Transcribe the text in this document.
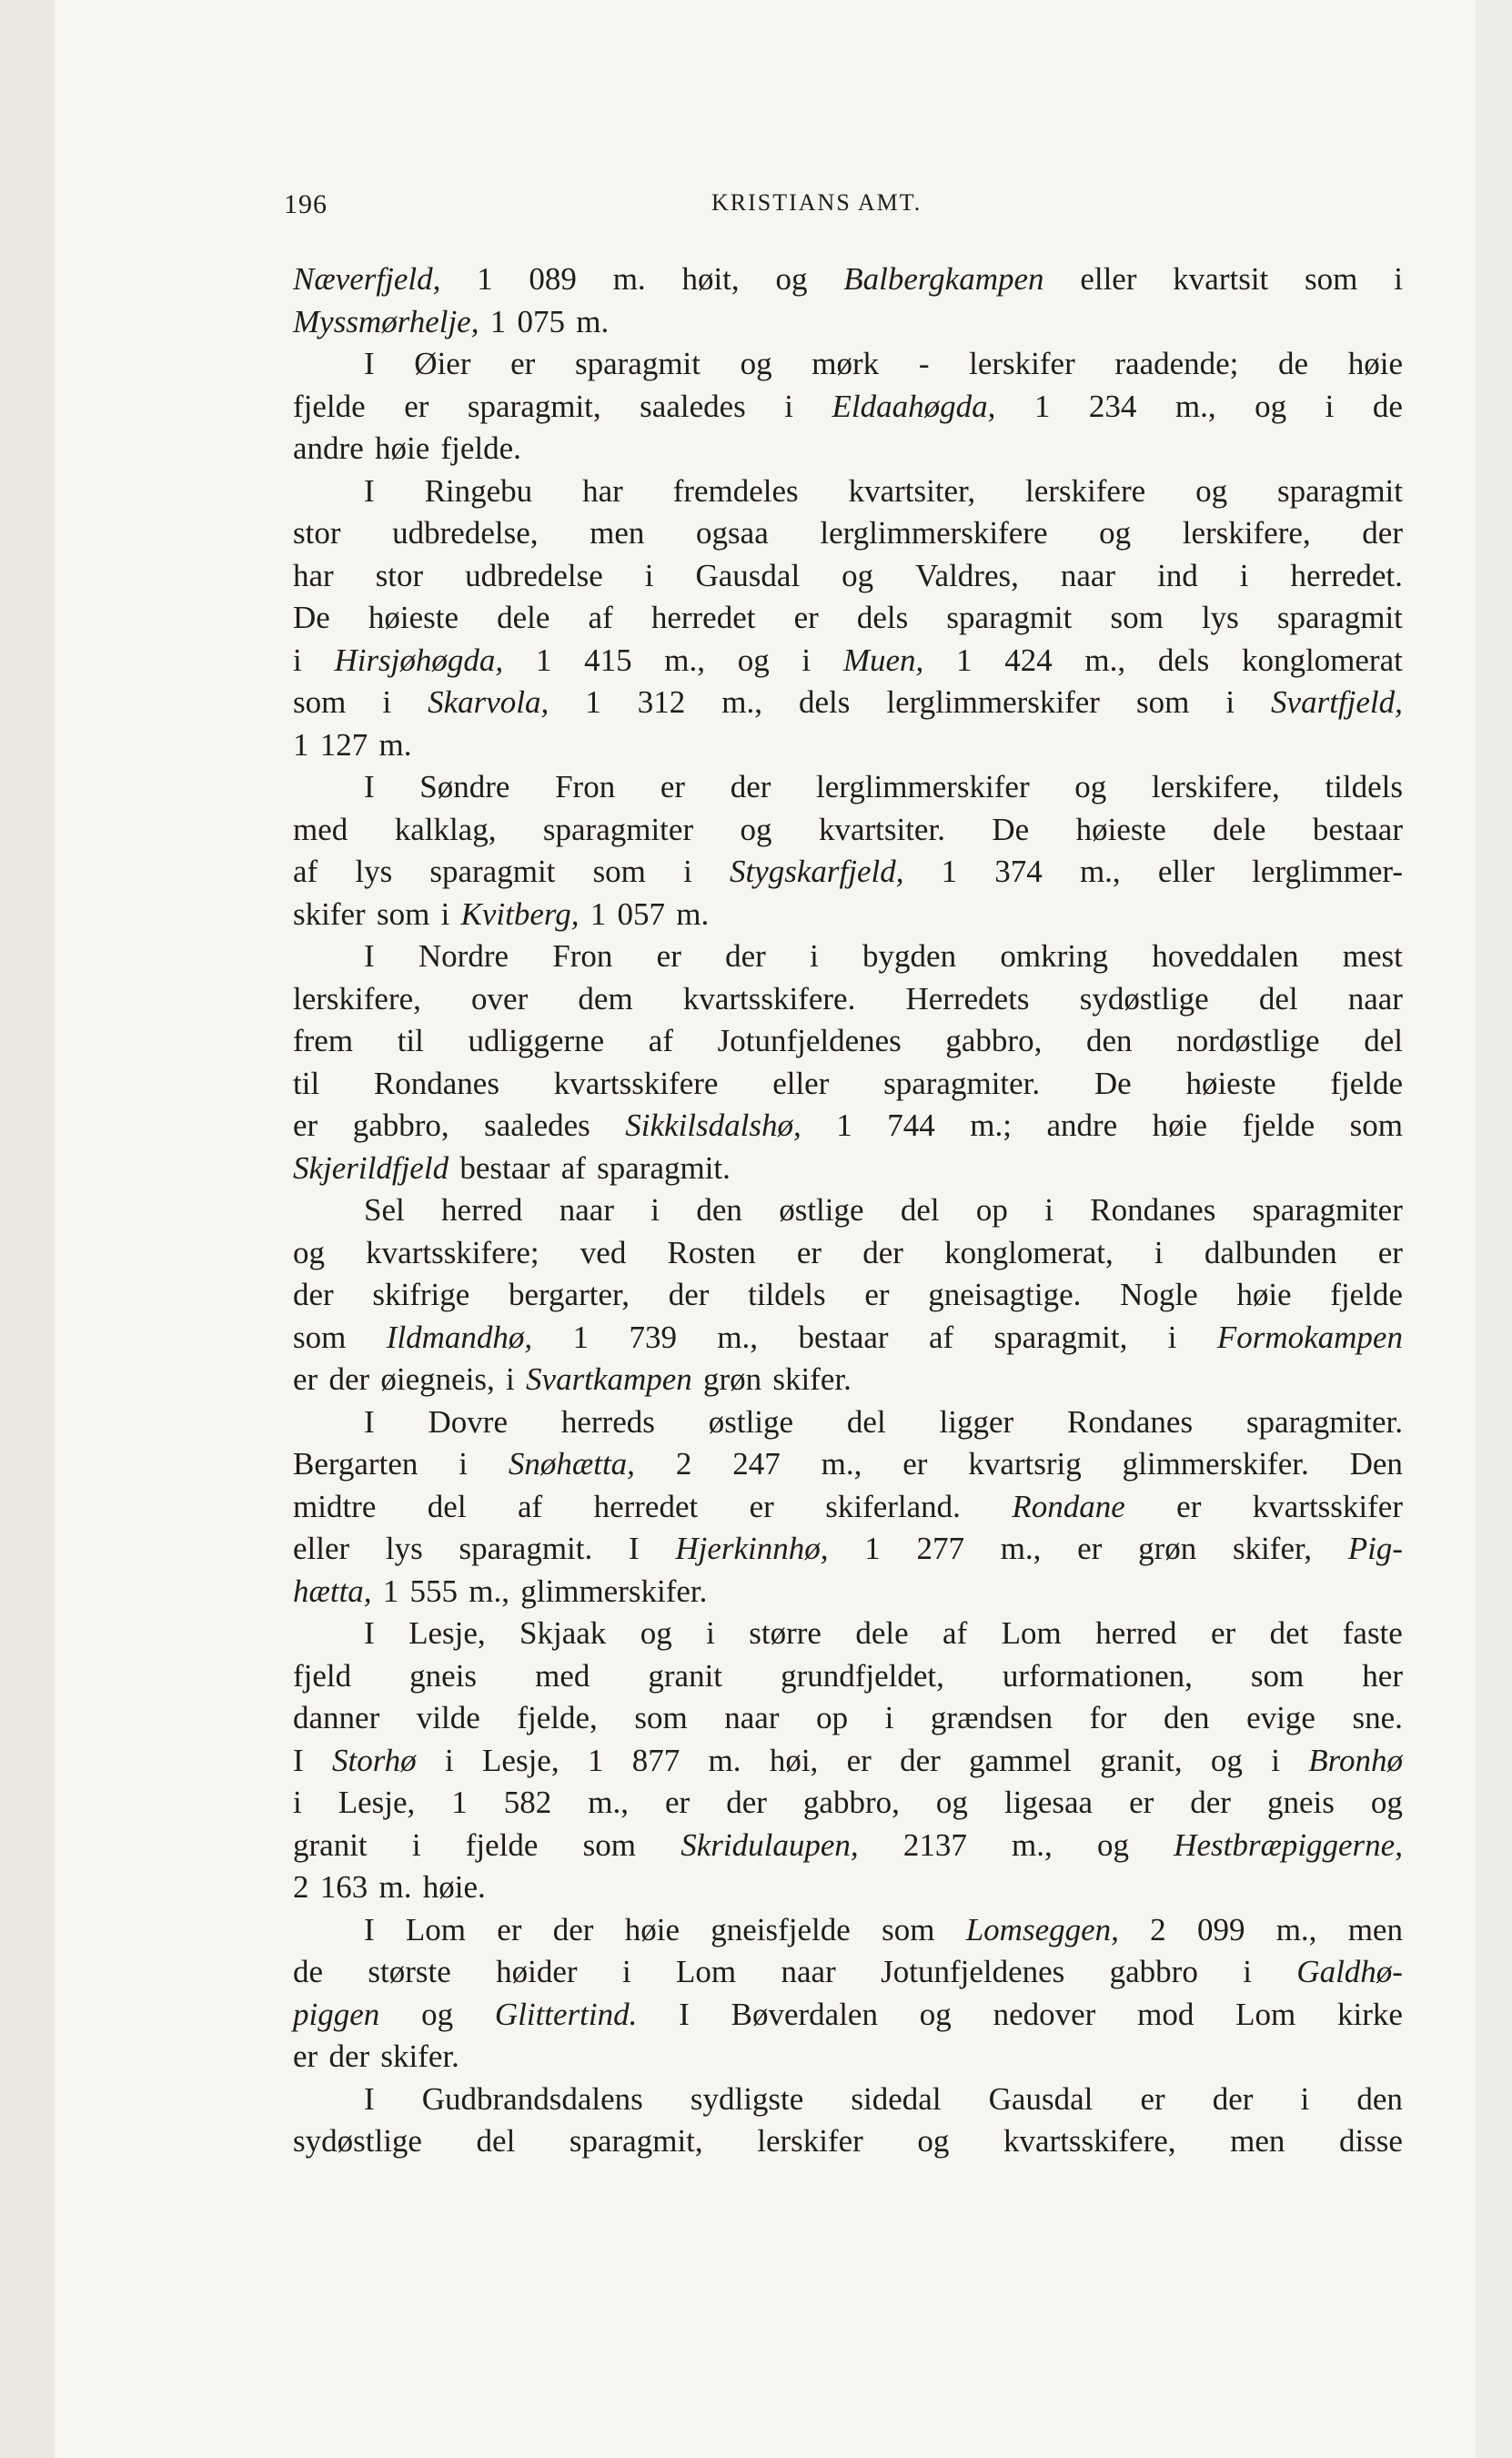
196	KRISTIANS AMT.
Næverfjeld, 1 089 m. høit, og Balbergkampen eller kvartsit som i
Myssmørhelje, 1 075 m.
I Øier er sparagmit og mørk - lerskifer raadende; de høie
fjelde er sparagmit, saaledes i Eldaahøgda, 1 234 m., og i de
andre høie fjelde.
I Ringebu har fremdeles kvartsiter, lerskifere og sparagmit
stor udbredelse, men ogsaa lerglimmerskifere og lerskifere, der
har stor udbredelse i Gausdal og Valdres, naar ind i herredet.
De høieste dele af herredet er dels sparagmit som lys sparagmit
i Hirsjøhøgda, 1 415 m., og i Muen, 1 424 m., dels konglomerat
som i Skarvola, 1 312 m., dels lerglimmerskifer som i Svartfjeld,
1 127 m.
I Søndre Fron er der lerglimmerskifer og lerskifere, tildels
med kalklag, sparagmiter og kvartsiter. De høieste dele bestaar
af lys sparagmit som i Stygskarfjeld, 1 374 m., eller lerglimmer-
skifer som i Kvitberg, 1 057 m.
I Nordre Fron er der i bygden omkring hoveddalen mest
lerskifere, over dem kvartsskifere. Herredets sydøstlige del naar
frem til udliggerne af Jotunfjeldenes gabbro, den nordøstlige del
til Rondanes kvartsskifere eller sparagmiter. De høieste fjelde
er gabbro, saaledes Sikkilsdalshø, 1 744 m.; andre høie fjelde som
Skjerildfjeld bestaar af sparagmit.
Sel herred naar i den østlige del op i Rondanes sparagmiter
og kvartsskifere; ved Rosten er der konglomerat, i dalbunden er
der skifrige bergarter, der tildels er gneisagtige. Nogle høie fjelde
som Ildmandhø, 1 739 m., bestaar af sparagmit, i Formokampen
er der øiegneis, i Svartkampen grøn skifer.
I Dovre herreds østlige del ligger Rondanes sparagmiter.
Bergarten i Snøhætta, 2 247 m., er kvartsrig glimmerskifer. Den
midtre del af herredet er skiferland. Rondane er kvartsskifer
eller lys sparagmit. I Hjerkinnhø, 1 277 m., er grøn skifer, Pig-
hætta, 1 555 m., glimmerskifer.
I Lesje, Skjaak og i større dele af Lom herred er det faste
fjeld gneis med granit grundfjeldet, urformationen, som her
danner vilde fjelde, som naar op i grændsen for den evige sne.
I Storhø i Lesje, 1 877 m. høi, er der gammel granit, og i Bronhø
i Lesje, 1 582 m., er der gabbro, og ligesaa er der gneis og
granit i fjelde som Skridulaupen, 2137 m., og Hestbræpiggerne,
2 163 m. høie.
I Lom er der høie gneisfjelde som Lomseggen, 2 099 m., men
de største høider i Lom naar Jotunfjeldenes gabbro i Galdhø-
piggen og Glittertind. I Bøverdalen og nedover mod Lom kirke
er der skifer.
I Gudbrandsdalens sydligste sidedal Gausdal er der i den
sydøstlige del sparagmit, lerskifer og kvartsskifere, men disse
